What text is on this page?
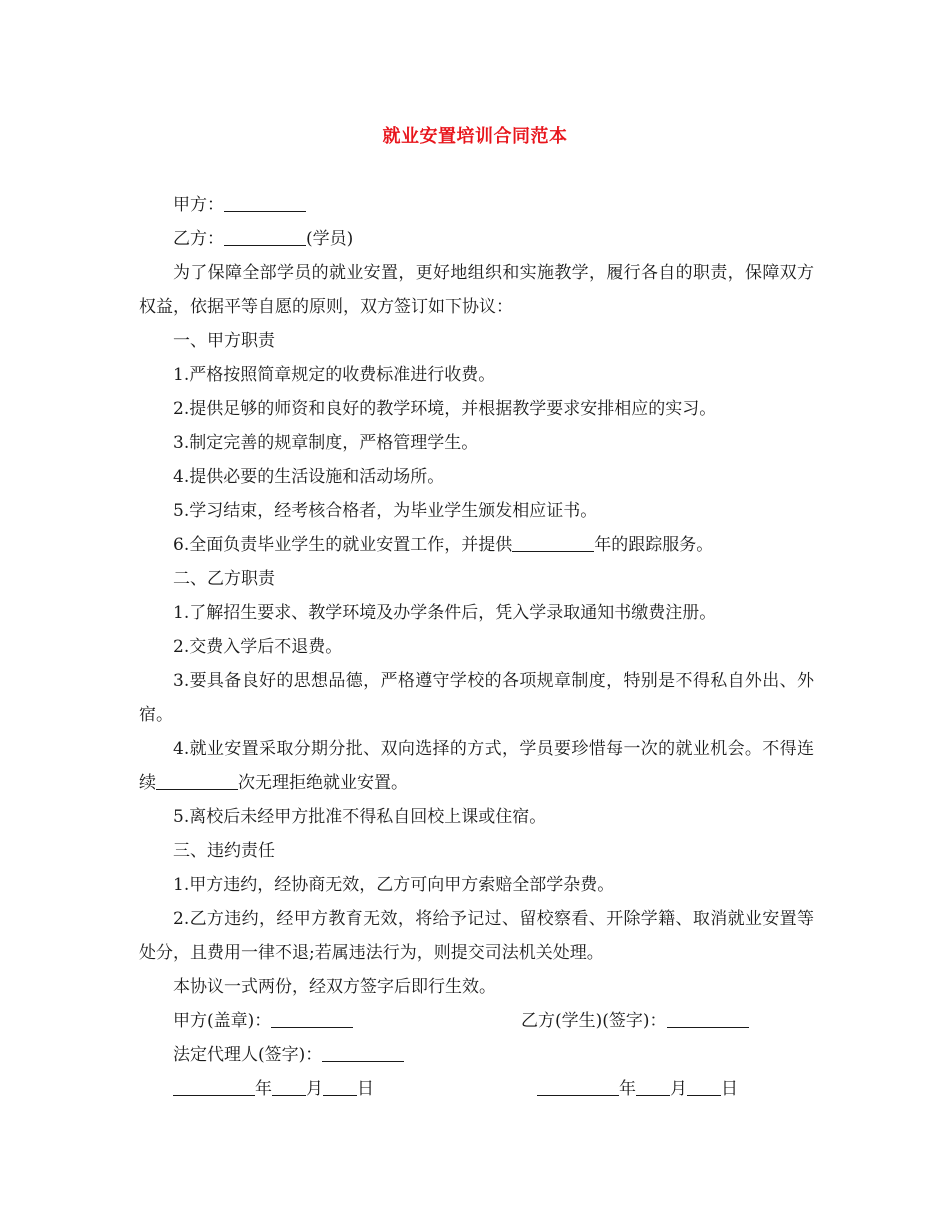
就业安置培训合同范本

甲方：

乙方：	(学员)

为了保障全部学员的就业安置，更好地组织和实施教学，履行各自的职责，保障双方权益，依据平等自愿的原则，双方签订如下协议：

一、甲方职责

1.严格按照简章规定的收费标准进行收费。

2.提供足够的师资和良好的教学环境，并根据教学要求安排相应的实习。

3.制定完善的规章制度，严格管理学生。

4.提供必要的生活设施和活动场所。

5.学习结束，经考核合格者，为毕业学生颁发相应证书。

6.全面负责毕业学生的就业安置工作，并提供	年的跟踪服务。

二、乙方职责

1.了解招生要求、教学环境及办学条件后，凭入学录取通知书缴费注册。

2.交费入学后不退费。

3.要具备良好的思想品德，严格遵守学校的各项规章制度，特别是不得私自外出、外宿。

4.就业安置采取分期分批、双向选择的方式，学员要珍惜每一次的就业机会。不得连续	次无理拒绝就业安置。

5.离校后未经甲方批准不得私自回校上课或住宿。

三、违约责任

1.甲方违约，经协商无效，乙方可向甲方索赔全部学杂费。

2.乙方违约，经甲方教育无效，将给予记过、留校察看、开除学籍、取消就业安置等处分，且费用一律不退;若属违法行为，则提交司法机关处理。

本协议一式两份，经双方签字后即行生效。

甲方(盖章)：	乙方(学生)(签字)：
法定代理人(签字)：
年 月 日	年 月 日
